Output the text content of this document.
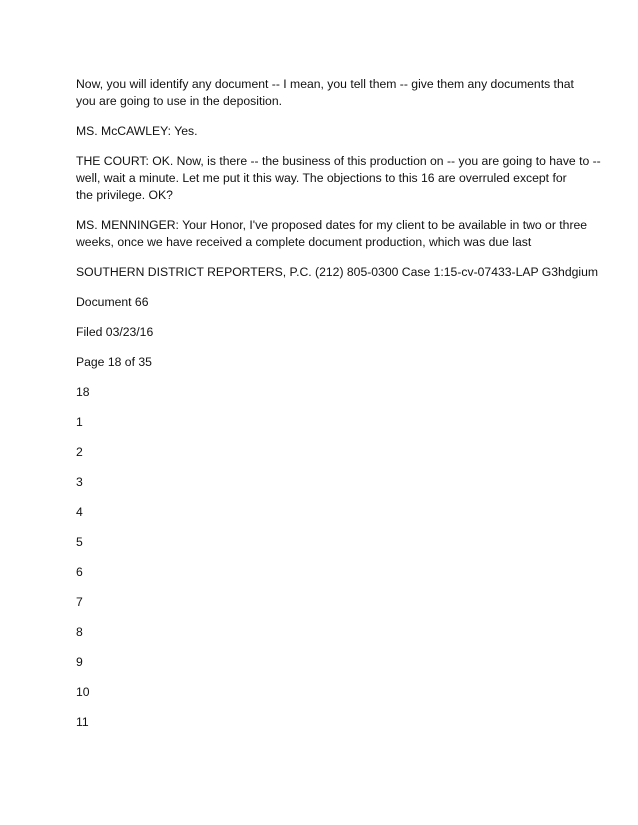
Now, you will identify any document -- I mean, you tell them -- give them any documents that
you are going to use in the deposition.

MS. McCAWLEY: Yes.

THE COURT: OK. Now, is there -- the business of this production on -- you are going to have to --
well, wait a minute. Let me put it this way. The objections to this 16 are overruled except for
the privilege. OK?

MS. MENNINGER: Your Honor, I've proposed dates for my client to be available in two or three
weeks, once we have received a complete document production, which was due last

SOUTHERN DISTRICT REPORTERS, P.C. (212) 805-0300 Case 1:15-cv-07433-LAP G3hdgium

Document 66

Filed 03/23/16

Page 18 of 35

18

1

2

3

4

5

6

7

8

9

10

11
